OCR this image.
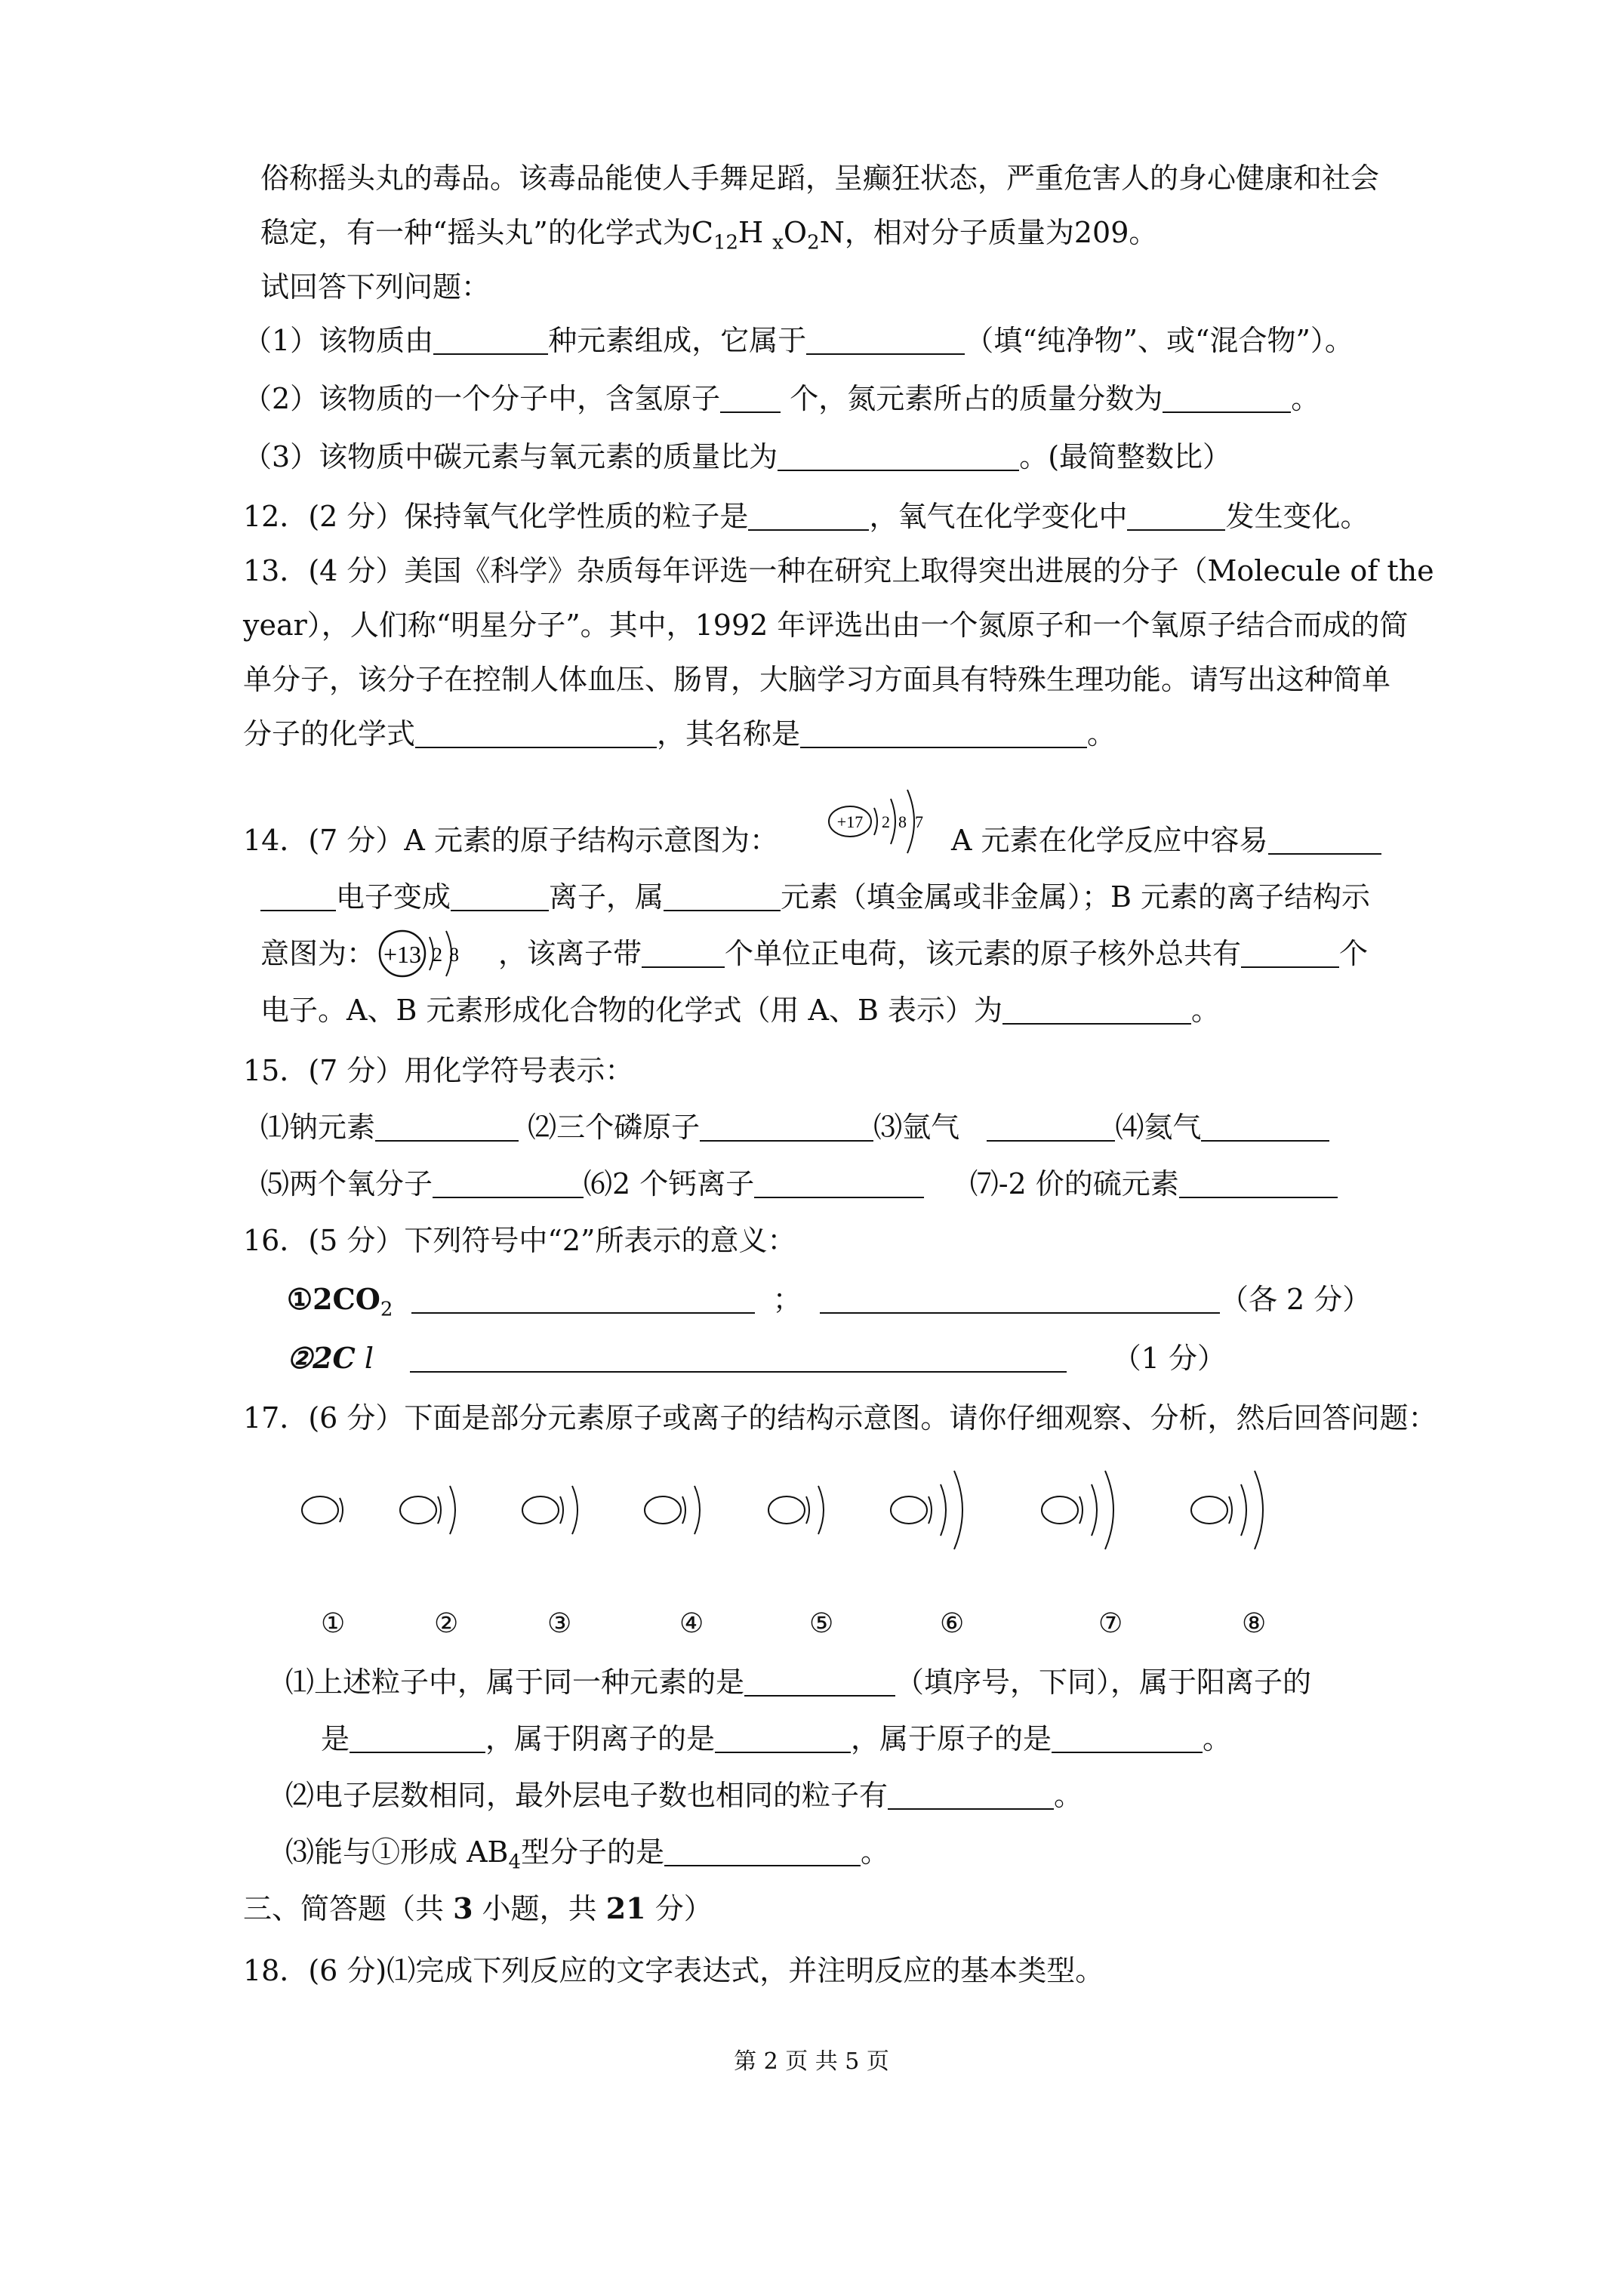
俗称摇头丸的毒品。该毒品能使人手舞足蹈，呈癫狂状态，严重危害人的身心健康和社会
稳定，有一种“摇头丸”的化学式为$C_{12}H$ $_xO_2N$，相对分子质量为209。
试回答下列问题：
（1）该物质由	种元素组成，它属于	（填“纯净物”、或“混合物”）。
（2）该物质的一个分子中，含氢原子 个，氮元素所占的质量分数为	。
（3）该物质中碳元素与氧元素的质量比为	。(最简整数比）
12．(2 分）保持氧气化学性质的粒子是	，氧气在化学变化中	发生变化。
13．(4 分）美国《科学》杂质每年评选一种在研究上取得突出进展的分子（Molecule of the
year），人们称“明星分子”。其中，1992 年评选出由一个氮原子和一个氧原子结合而成的简
单分子，该分子在控制人体血压、肠胃，大脑学习方面具有特殊生理功能。请写出这种简单
分子的化学式	，其名称是	。
14．(7 分）A 元素的原子结构示意图为：
+17 2 8 7
A 元素在化学反应中容易
电子变成	离子，属	元素（填金属或非金属）；B 元素的离子结构示
意图为： +13 2 8 ，该离子带	个单位正电荷，该元素的原子核外总共有	个
电子。A、B 元素形成化合物的化学式（用 A、B 表示）为	。
15．(7 分）用化学符号表示：
⑴钠元素	⑵三个磷原子	⑶氩气	⑷氦气
⑸两个氧分子	⑹2 个钙离子	⑺-2 价的硫元素
16．(5 分）下列符号中“2”所表示的意义：
$①2CO_2$	；	（各 2 分）
②2C l	（1 分）
17．(6 分）下面是部分元素原子或离子的结构示意图。请你仔细观察、分析，然后回答问题：
①	②	③	④	⑤	⑥	⑦	⑧
⑴上述粒子中，属于同一种元素的是	（填序号，下同），属于阳离子的
是	，属于阴离子的是	，属于原子的是	。
⑵电子层数相同，最外层电子数也相同的粒子有	。
⑶能与①形成 $AB_4$型分子的是	。
三、简答题（共 3 小题，共 21 分）
18．(6 分)⑴完成下列反应的文字表达式，并注明反应的基本类型。
第 2 页 共 5 页
